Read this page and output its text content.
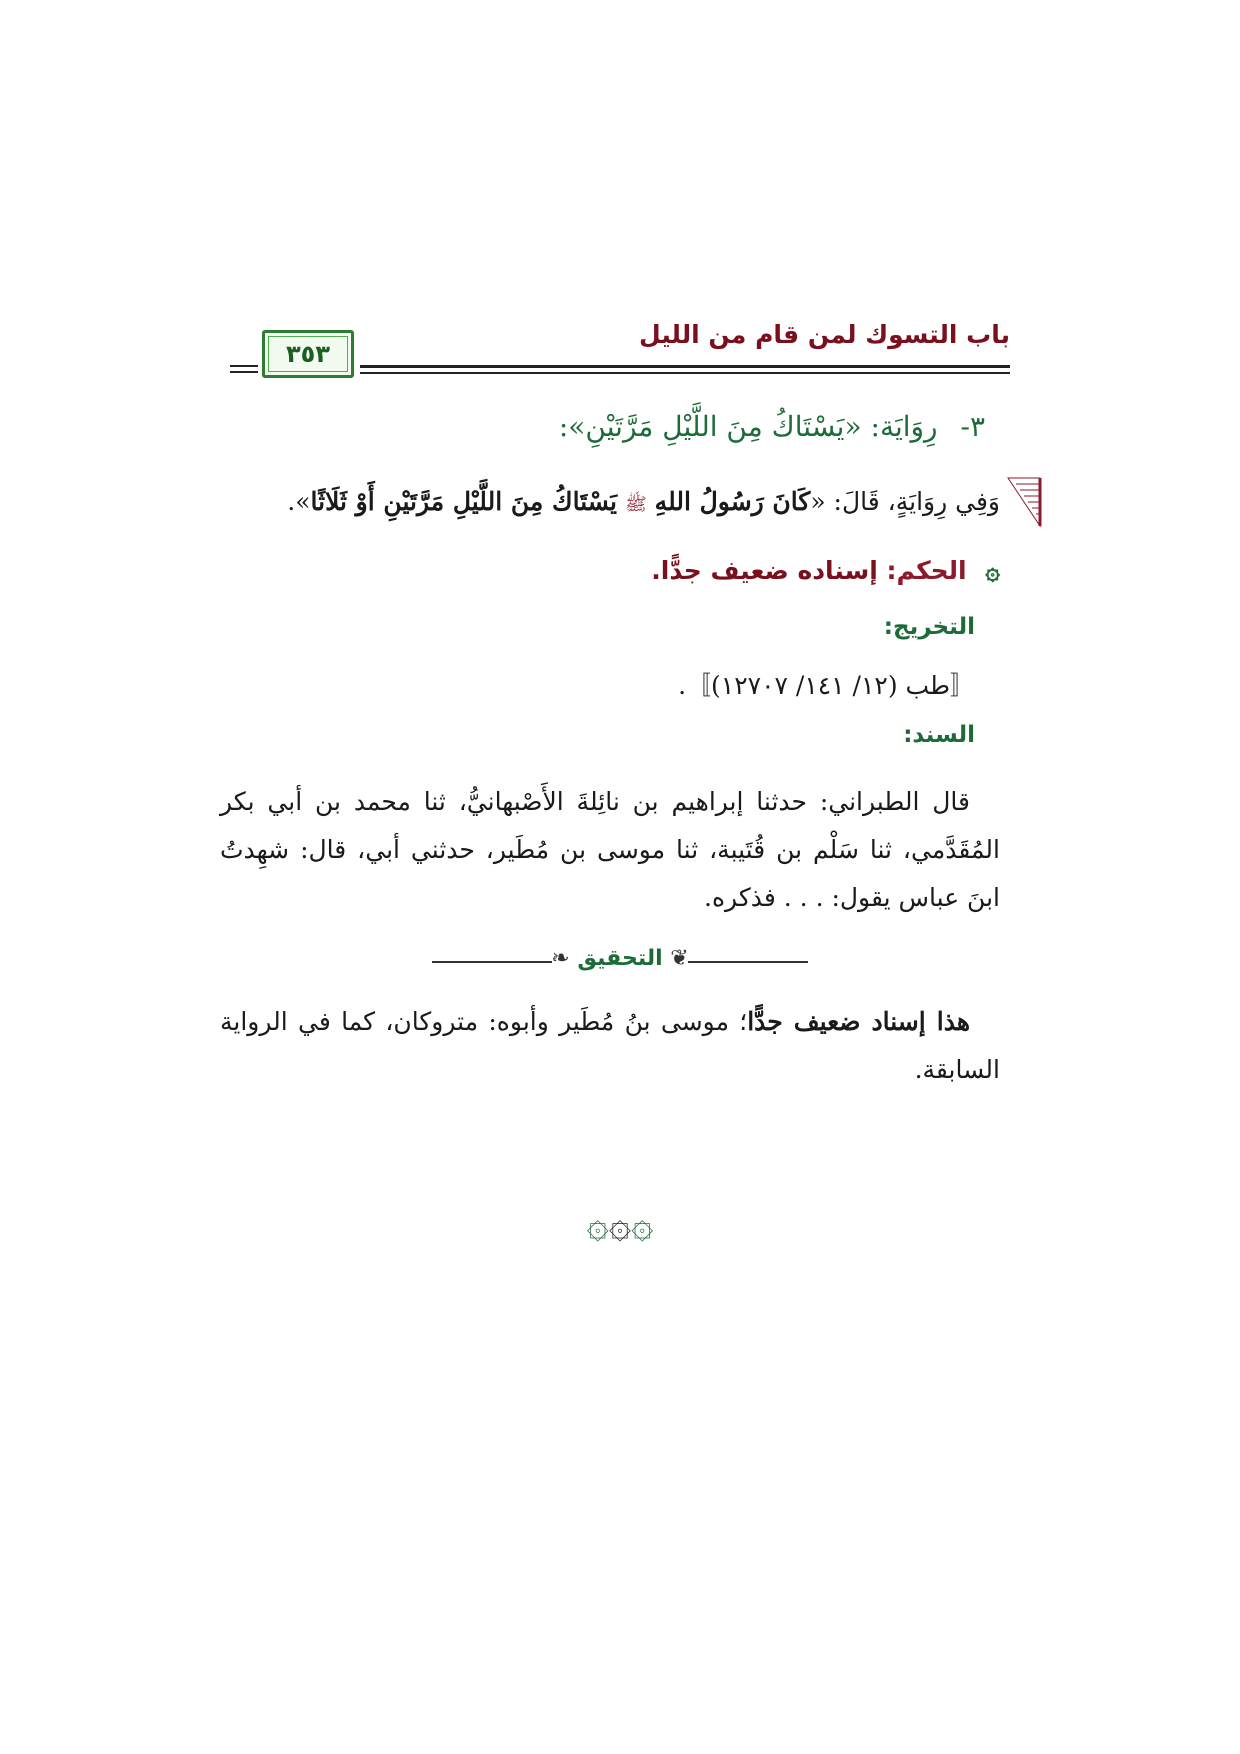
باب التسوك لمن قام من الليل
٣٥٣
٣- رِوَايَة: «يَسْتَاكُ مِنَ اللَّيْلِ مَرَّتَيْنِ»:
وَفِي رِوَايَةٍ، قَالَ: «كَانَ رَسُولُ اللهِ ﷺ يَسْتَاكُ مِنَ اللَّيْلِ مَرَّتَيْنِ أَوْ ثَلَاثًا».
۞ الحكم: إسناده ضعيف جدًّا.
التخريج:
〚طب (١٢/ ١٤١/ ١٢٧٠٧)〛.
السند:
قال الطبراني: حدثنا إبراهيم بن نائِلةَ الأَصْبهانيُّ، ثنا محمد بن أبي بكر المُقَدَّمي، ثنا سَلْم بن قُتَيبة، ثنا موسى بن مُطَير، حدثني أبي، قال: شهِدتُ ابنَ عباس يقول: . . . فذكره.
❦ التحقيق ❧
هذا إسناد ضعيف جدًّا؛ موسى بنُ مُطَير وأبوه: متروكان، كما في الرواية السابقة.
۞۞۞
